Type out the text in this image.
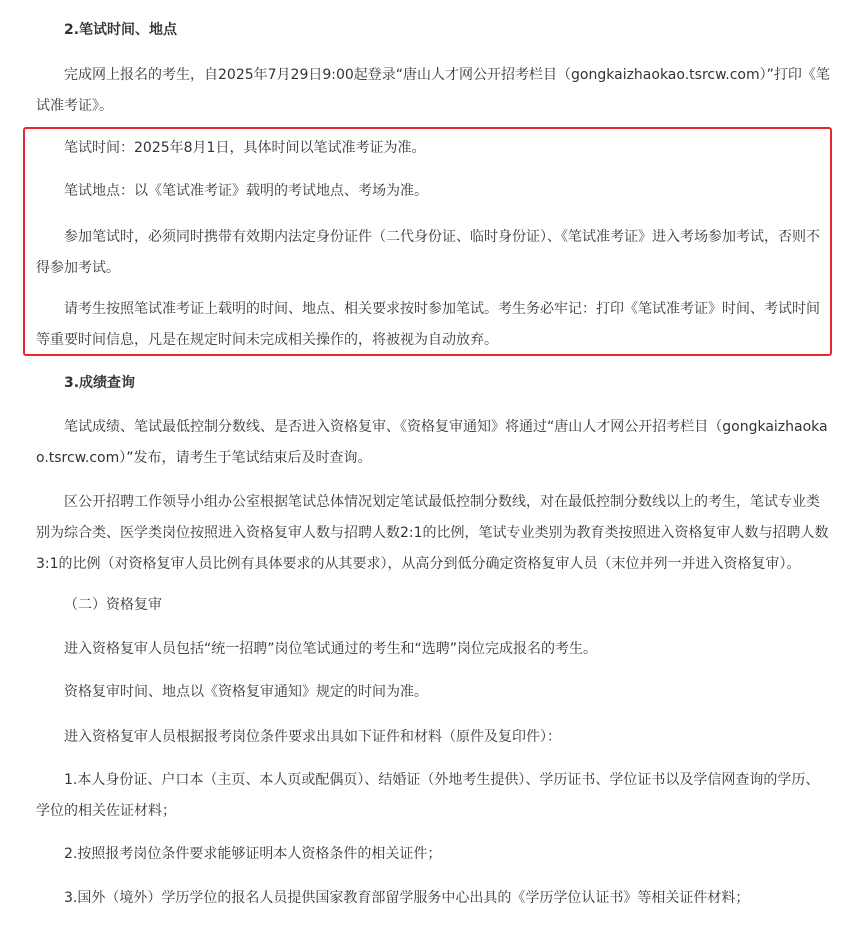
2.笔试时间、地点

完成网上报名的考生，自2025年7月29日9:00起登录“唐山人才网公开招考栏目（gongkaizhaokao.tsrcw.com）”打印《笔试准考证》。

笔试时间：2025年8月1日，具体时间以笔试准考证为准。

笔试地点：以《笔试准考证》载明的考试地点、考场为准。

参加笔试时，必须同时携带有效期内法定身份证件（二代身份证、临时身份证）、《笔试准考证》进入考场参加考试，否则不得参加考试。

请考生按照笔试准考证上载明的时间、地点、相关要求按时参加笔试。考生务必牢记：打印《笔试准考证》时间、考试时间等重要时间信息，凡是在规定时间未完成相关操作的，将被视为自动放弃。

3.成绩查询

笔试成绩、笔试最低控制分数线、是否进入资格复审、《资格复审通知》将通过“唐山人才网公开招考栏目（gongkaizhaokao.tsrcw.com）”发布，请考生于笔试结束后及时查询。

区公开招聘工作领导小组办公室根据笔试总体情况划定笔试最低控制分数线，对在最低控制分数线以上的考生，笔试专业类别为综合类、医学类岗位按照进入资格复审人数与招聘人数2:1的比例，笔试专业类别为教育类按照进入资格复审人数与招聘人数3:1的比例（对资格复审人员比例有具体要求的从其要求），从高分到低分确定资格复审人员（末位并列一并进入资格复审）。

（二）资格复审

进入资格复审人员包括“统一招聘”岗位笔试通过的考生和“选聘”岗位完成报名的考生。

资格复审时间、地点以《资格复审通知》规定的时间为准。

进入资格复审人员根据报考岗位条件要求出具如下证件和材料（原件及复印件）：

1.本人身份证、户口本（主页、本人页或配偶页）、结婚证（外地考生提供）、学历证书、学位证书以及学信网查询的学历、学位的相关佐证材料；

2.按照报考岗位条件要求能够证明本人资格条件的相关证件；

3.国外（境外）学历学位的报名人员提供国家教育部留学服务中心出具的《学历学位认证书》等相关证件材料；
